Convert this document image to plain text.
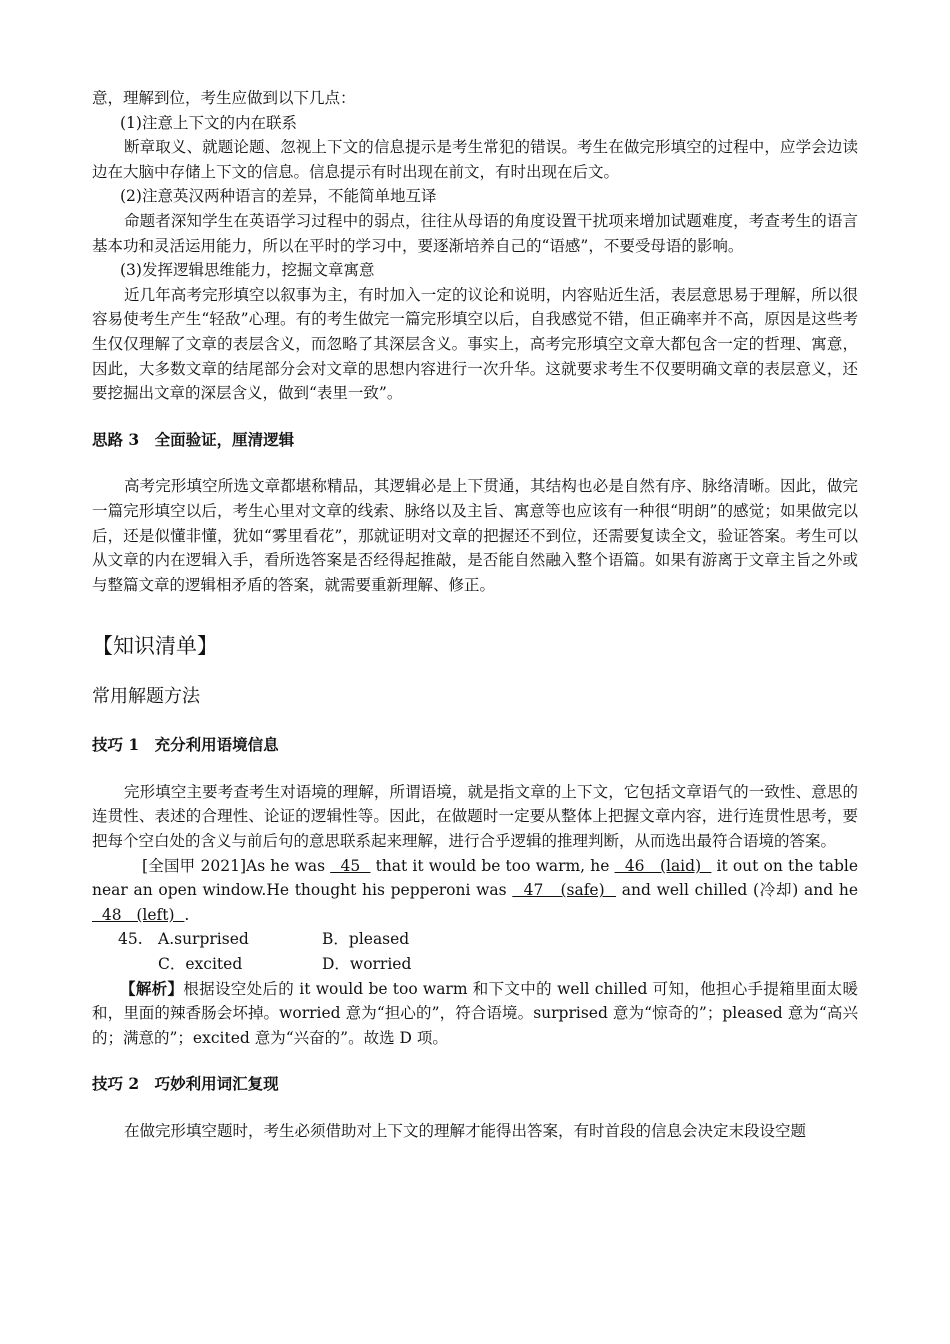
意，理解到位，考生应做到以下几点：

(1)注意上下文的内在联系

断章取义、就题论题、忽视上下文的信息提示是考生常犯的错误。考生在做完形填空的过程中，应学会边读边在大脑中存储上下文的信息。信息提示有时出现在前文，有时出现在后文。

(2)注意英汉两种语言的差异，不能简单地互译

命题者深知学生在英语学习过程中的弱点，往往从母语的角度设置干扰项来增加试题难度，考查考生的语言基本功和灵活运用能力，所以在平时的学习中，要逐渐培养自己的“语感”，不要受母语的影响。

(3)发挥逻辑思维能力，挖掘文章寓意

近几年高考完形填空以叙事为主，有时加入一定的议论和说明，内容贴近生活，表层意思易于理解，所以很容易使考生产生“轻敌”心理。有的考生做完一篇完形填空以后，自我感觉不错，但正确率并不高，原因是这些考生仅仅理解了文章的表层含义，而忽略了其深层含义。事实上，高考完形填空文章大都包含一定的哲理、寓意，因此，大多数文章的结尾部分会对文章的思想内容进行一次升华。这就要求考生不仅要明确文章的表层意义，还要挖掘出文章的深层含义，做到“表里一致”。

思路 3　全面验证，厘清逻辑

高考完形填空所选文章都堪称精品，其逻辑必是上下贯通，其结构也必是自然有序、脉络清晰。因此，做完一篇完形填空以后，考生心里对文章的线索、脉络以及主旨、寓意等也应该有一种很“明朗”的感觉；如果做完以后，还是似懂非懂，犹如“雾里看花”，那就证明对文章的把握还不到位，还需要复读全文，验证答案。考生可以从文章的内在逻辑入手，看所选答案是否经得起推敲，是否能自然融入整个语篇。如果有游离于文章主旨之外或与整篇文章的逻辑相矛盾的答案，就需要重新理解、修正。

【知识清单】

常用解题方法

技巧 1　充分利用语境信息

完形填空主要考查考生对语境的理解，所谓语境，就是指文章的上下文，它包括文章语气的一致性、意思的连贯性、表述的合理性、论证的逻辑性等。因此，在做题时一定要从整体上把握文章内容，进行连贯性思考，要把每个空白处的含义与前后句的意思联系起来理解，进行合乎逻辑的推理判断，从而选出最符合语境的答案。

[全国甲 2021]As he was   45   that it would be too warm, he   46   (laid)   it out on the table near an open window.He thought his pepperoni was   47   (safe)   and well chilled (冷却) and he   48   (left)  .

45. A.surprised	B．pleased
C．excited	D．worried

【解析】根据设空处后的 it would be too warm 和下文中的 well chilled 可知，他担心手提箱里面太暖和，里面的辣香肠会坏掉。worried 意为“担心的”，符合语境。surprised 意为“惊奇的”；pleased 意为“高兴的；满意的”；excited 意为“兴奋的”。故选 D 项。

技巧 2　巧妙利用词汇复现

在做完形填空题时，考生必须借助对上下文的理解才能得出答案，有时首段的信息会决定末段设空题
